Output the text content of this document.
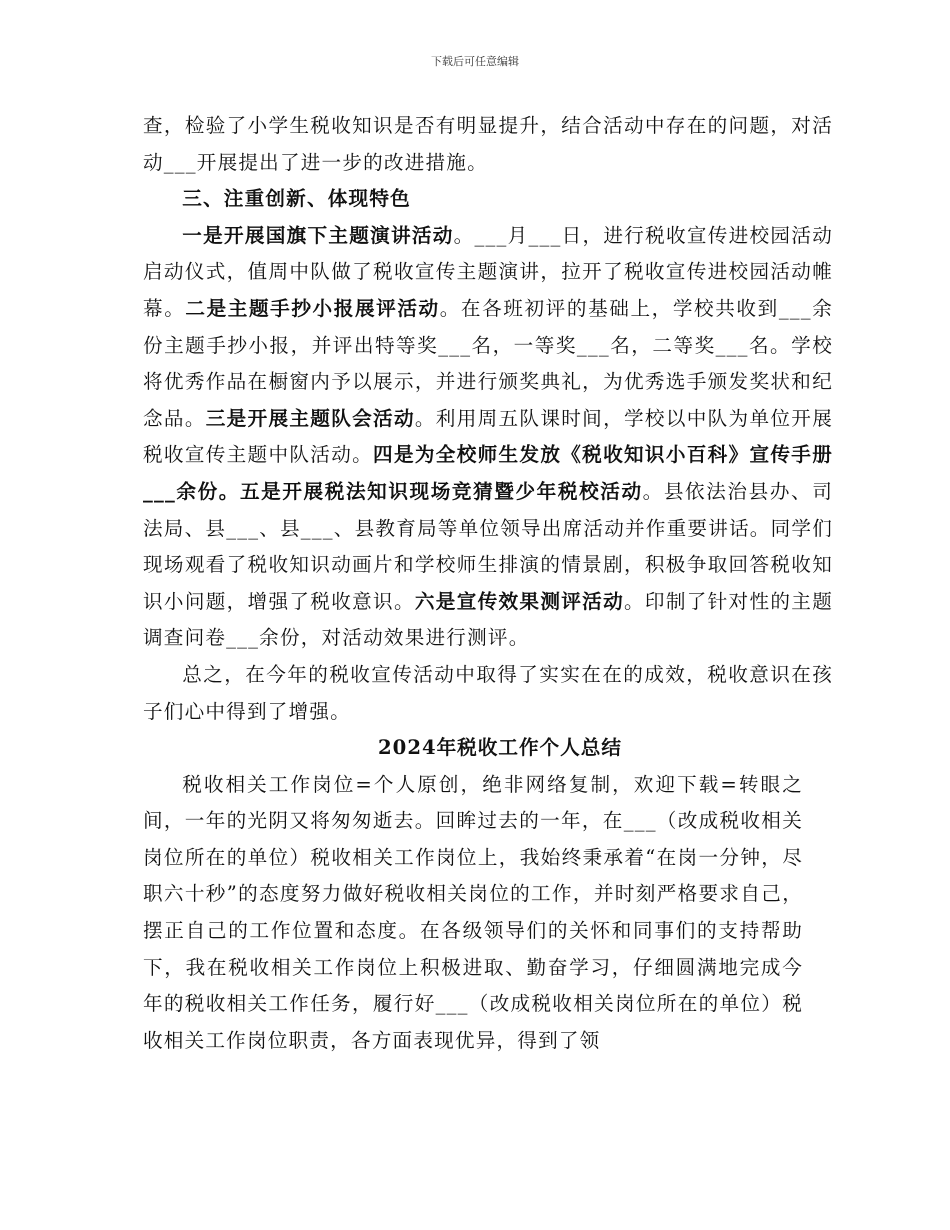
下载后可任意编辑

查，检验了小学生税收知识是否有明显提升，结合活动中存在的问题，对活动___开展提出了进一步的改进措施。

三、注重创新、体现特色

一是开展国旗下主题演讲活动。___月___日，进行税收宣传进校园活动启动仪式，值周中队做了税收宣传主题演讲，拉开了税收宣传进校园活动帷幕。二是主题手抄小报展评活动。在各班初评的基础上，学校共收到___余份主题手抄小报，并评出特等奖___名，一等奖___名，二等奖___名。学校将优秀作品在橱窗内予以展示，并进行颁奖典礼，为优秀选手颁发奖状和纪念品。三是开展主题队会活动。利用周五队课时间，学校以中队为单位开展税收宣传主题中队活动。四是为全校师生发放《税收知识小百科》宣传手册___余份。五是开展税法知识现场竞猜暨少年税校活动。县依法治县办、司法局、县___、县___、县教育局等单位领导出席活动并作重要讲话。同学们现场观看了税收知识动画片和学校师生排演的情景剧，积极争取回答税收知识小问题，增强了税收意识。六是宣传效果测评活动。印制了针对性的主题调查问卷___余份，对活动效果进行测评。

总之，在今年的税收宣传活动中取得了实实在在的成效，税收意识在孩子们心中得到了增强。

2024年税收工作个人总结

税收相关工作岗位=个人原创，绝非网络复制，欢迎下载=转眼之间，一年的光阴又将匆匆逝去。回眸过去的一年，在___（改成税收相关岗位所在的单位）税收相关工作岗位上，我始终秉承着“在岗一分钟，尽职六十秒”的态度努力做好税收相关岗位的工作，并时刻严格要求自己，摆正自己的工作位置和态度。在各级领导们的关怀和同事们的支持帮助下，我在税收相关工作岗位上积极进取、勤奋学习，仔细圆满地完成今年的税收相关工作任务，履行好___（改成税收相关岗位所在的单位）税收相关工作岗位职责，各方面表现优异，得到了领
